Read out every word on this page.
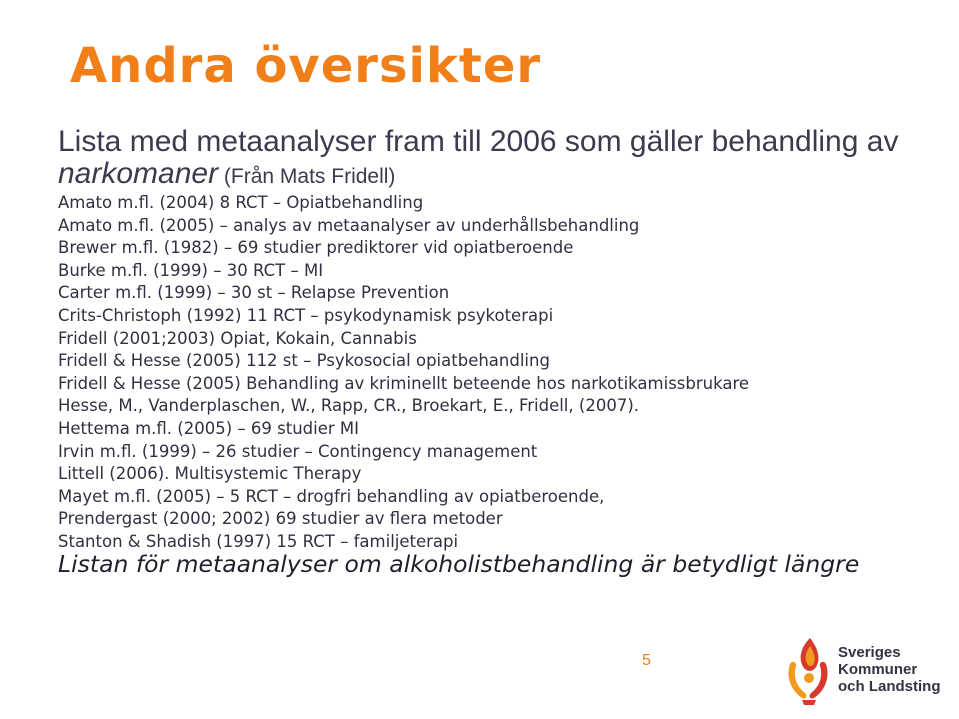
Andra översikter
Lista med metaanalyser fram till 2006 som gäller behandling av narkomaner (Från Mats Fridell)
Amato m.fl. (2004) 8 RCT – Opiatbehandling
Amato m.fl. (2005) – analys av metaanalyser av underhållsbehandling
Brewer m.fl. (1982) – 69 studier prediktorer vid opiatberoende
Burke m.fl. (1999) – 30 RCT – MI
Carter m.fl. (1999) – 30 st – Relapse Prevention
Crits-Christoph (1992) 11 RCT – psykodynamisk psykoterapi
Fridell (2001;2003) Opiat, Kokain, Cannabis
Fridell & Hesse (2005) 112 st – Psykosocial opiatbehandling
Fridell & Hesse (2005) Behandling av kriminellt beteende hos narkotikamissbrukare
Hesse, M., Vanderplaschen, W., Rapp, CR., Broekart, E., Fridell, (2007).
Hettema m.fl. (2005) – 69 studier MI
Irvin m.fl. (1999) – 26 studier – Contingency management
Littell (2006). Multisystemic Therapy
Mayet m.fl. (2005) – 5 RCT – drogfri behandling av opiatberoende,
Prendergast (2000; 2002) 69 studier av flera metoder
Stanton & Shadish (1997) 15 RCT – familjeterapi
Listan för metaanalyser om alkoholistbehandling är betydligt längre
5	Sveriges
Kommuner
och Landsting
